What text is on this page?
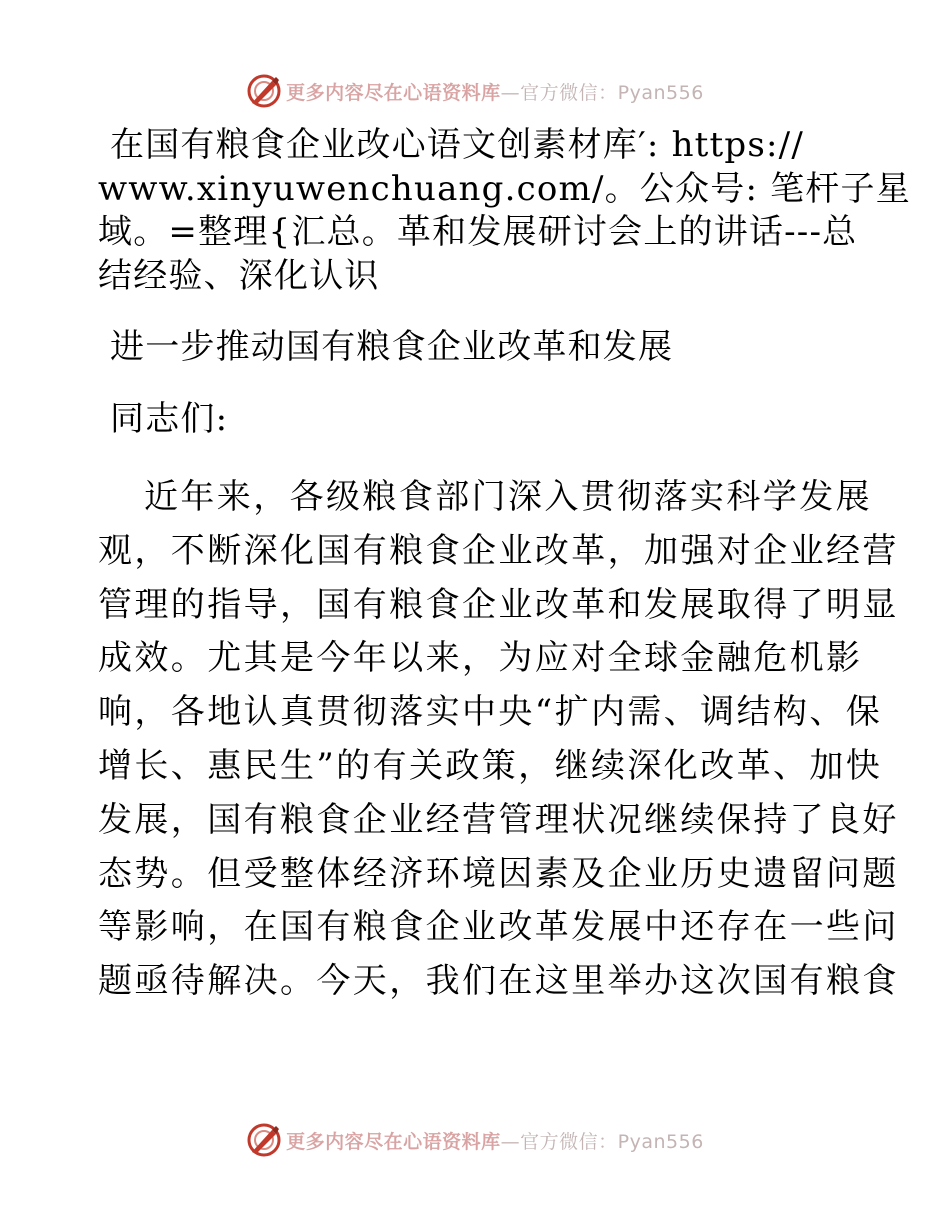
更多内容尽在心语资料库—官方微信：Pyan556
在国有粮食企业改心语文创素材库′: https://
www.xinyuwenchuang.com/。公众号: 笔杆子星
域。=整理{汇总。革和发展研讨会上的讲话---总
结经验、深化认识
进一步推动国有粮食企业改革和发展
同志们:
近年来，各级粮食部门深入贯彻落实科学发展
观，不断深化国有粮食企业改革，加强对企业经营
管理的指导，国有粮食企业改革和发展取得了明显
成效。尤其是今年以来，为应对全球金融危机影
响，各地认真贯彻落实中央“扩内需、调结构、保
增长、惠民生”的有关政策，继续深化改革、加快
发展，国有粮食企业经营管理状况继续保持了良好
态势。但受整体经济环境因素及企业历史遗留问题
等影响，在国有粮食企业改革发展中还存在一些问
题亟待解决。今天，我们在这里举办这次国有粮食
更多内容尽在心语资料库—官方微信：Pyan556
